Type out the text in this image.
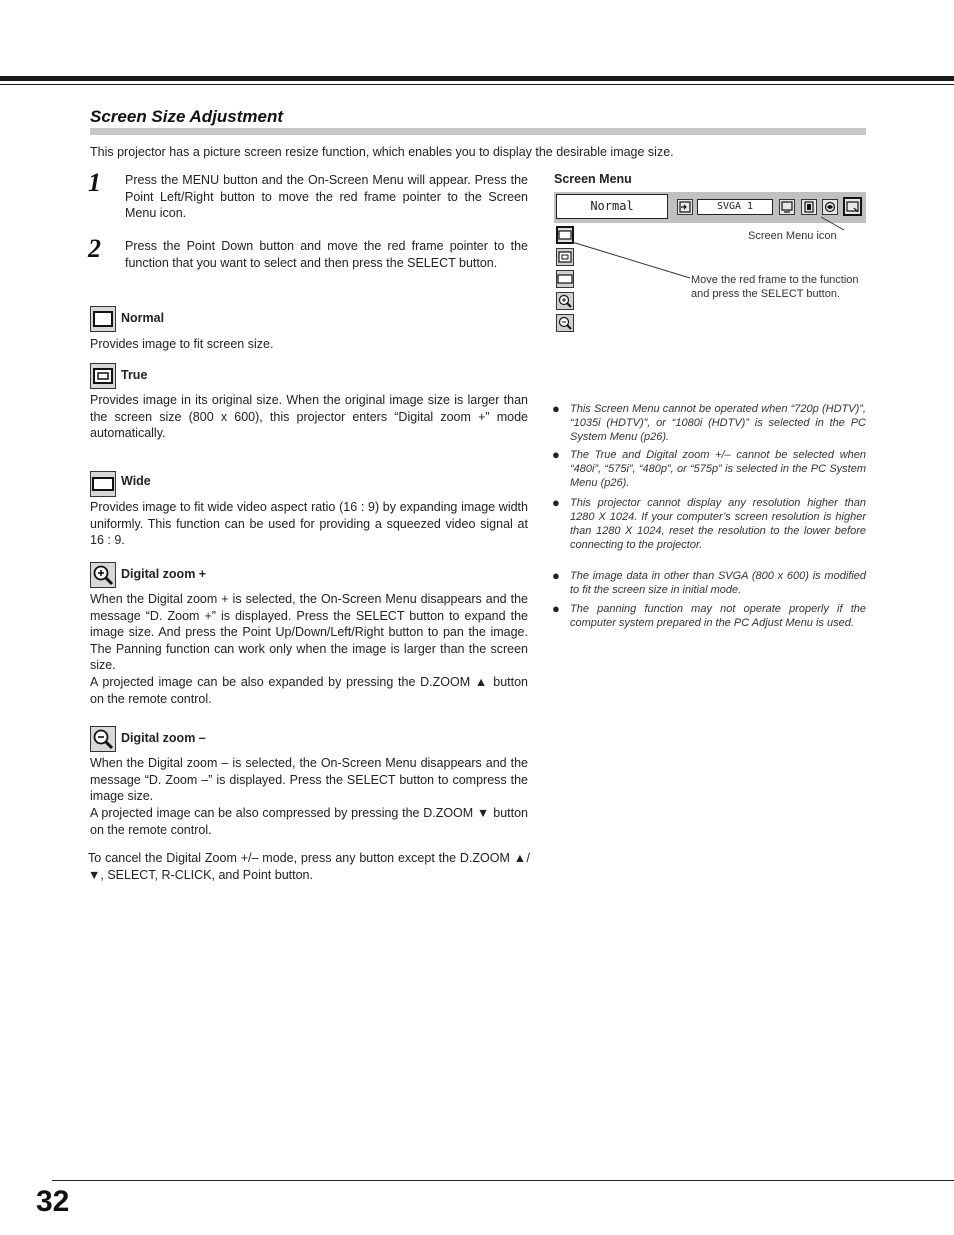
Screen Size Adjustment
This projector has a picture screen resize function, which enables you to display the desirable image size.
1 Press the MENU button and the On-Screen Menu will appear. Press the Point Left/Right button to move the red frame pointer to the Screen Menu icon.
2 Press the Point Down button and move the red frame pointer to the function that you want to select and then press the SELECT button.
Normal
Provides image to fit screen size.
True
Provides image in its original size. When the original image size is larger than the screen size (800 x 600), this projector enters “Digital zoom +” mode automatically.
Wide
Provides image to fit wide video aspect ratio (16 : 9) by expanding image width uniformly. This function can be used for providing a squeezed video signal at 16 : 9.
Digital zoom +
When the Digital zoom + is selected, the On-Screen Menu disappears and the message “D. Zoom +” is displayed. Press the SELECT button to expand the image size. And press the Point Up/Down/Left/Right button to pan the image. The Panning function can work only when the image is larger than the screen size.
A projected image can be also expanded by pressing the D.ZOOM ▲ button on the remote control.
Digital zoom –
When the Digital zoom – is selected, the On-Screen Menu disappears and the message “D. Zoom –” is displayed. Press the SELECT button to compress the image size.
A projected image can be also compressed by pressing the D.ZOOM ▼ button on the remote control.
To cancel the Digital Zoom +/– mode, press any button except the D.ZOOM ▲/▼, SELECT, R-CLICK, and Point button.
Screen Menu
Normal	SVGA 1
Screen Menu icon
Move the red frame to the function and press the SELECT button.
● This Screen Menu cannot be operated when “720p (HDTV)”, “1035i (HDTV)”, or “1080i (HDTV)” is selected in the PC System Menu (p26).
● The True and Digital zoom +/– cannot be selected when “480i”, “575i”, “480p”, or “575p” is selected in the PC System Menu (p26).
● This projector cannot display any resolution higher than 1280 X 1024. If your computer’s screen resolution is higher than 1280 X 1024, reset the resolution to the lower before connecting to the projector.
● The image data in other than SVGA (800 x 600) is modified to fit the screen size in initial mode.
● The panning function may not operate properly if the computer system prepared in the PC Adjust Menu is used.
32
